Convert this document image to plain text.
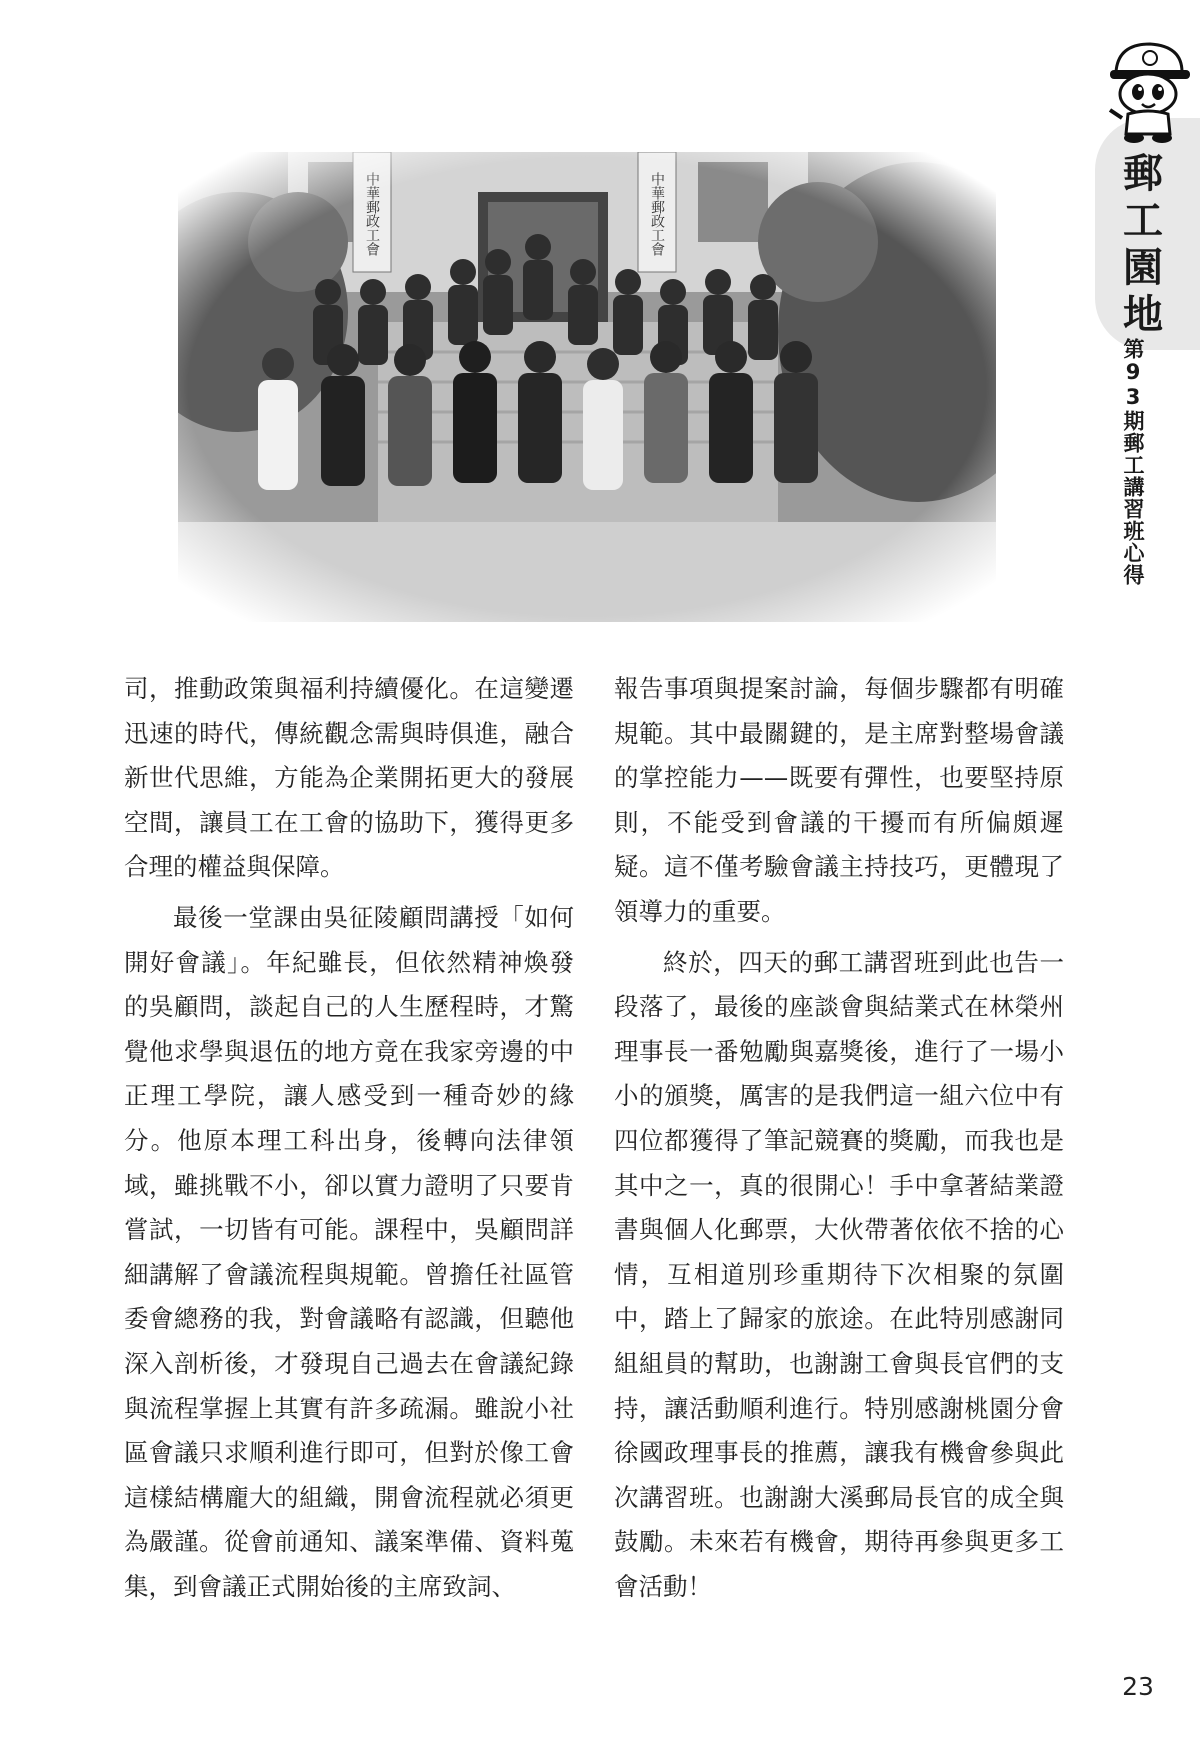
郵工園地
第93期郵工講習班心得

司，推動政策與福利持續優化。在這變遷迅速的時代，傳統觀念需與時俱進，融合新世代思維，方能為企業開拓更大的發展空間，讓員工在工會的協助下，獲得更多合理的權益與保障。

最後一堂課由吳征陵顧問講授「如何開好會議」。年紀雖長，但依然精神煥發的吳顧問，談起自己的人生歷程時，才驚覺他求學與退伍的地方竟在我家旁邊的中正理工學院，讓人感受到一種奇妙的緣分。他原本理工科出身，後轉向法律領域，雖挑戰不小，卻以實力證明了只要肯嘗試，一切皆有可能。課程中，吳顧問詳細講解了會議流程與規範。曾擔任社區管委會總務的我，對會議略有認識，但聽他深入剖析後，才發現自己過去在會議紀錄與流程掌握上其實有許多疏漏。雖說小社區會議只求順利進行即可，但對於像工會這樣結構龐大的組織，開會流程就必須更為嚴謹。從會前通知、議案準備、資料蒐集，到會議正式開始後的主席致詞、

報告事項與提案討論，每個步驟都有明確規範。其中最關鍵的，是主席對整場會議的掌控能力——既要有彈性，也要堅持原則，不能受到會議的干擾而有所偏頗遲疑。這不僅考驗會議主持技巧，更體現了領導力的重要。

終於，四天的郵工講習班到此也告一段落了，最後的座談會與結業式在林榮州理事長一番勉勵與嘉獎後，進行了一場小小的頒獎，厲害的是我們這一組六位中有四位都獲得了筆記競賽的獎勵，而我也是其中之一，真的很開心！手中拿著結業證書與個人化郵票，大伙帶著依依不捨的心情，互相道別珍重期待下次相聚的氛圍中，踏上了歸家的旅途。在此特別感謝同組組員的幫助，也謝謝工會與長官們的支持，讓活動順利進行。特別感謝桃園分會徐國政理事長的推薦，讓我有機會參與此次講習班。也謝謝大溪郵局長官的成全與鼓勵。未來若有機會，期待再參與更多工會活動！

23
